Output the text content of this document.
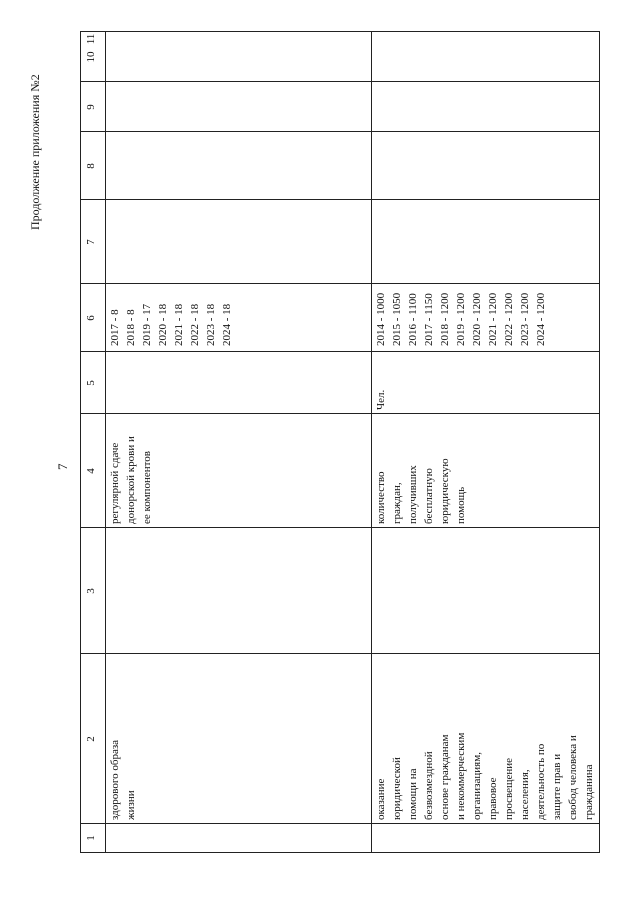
7
Продолжение приложения №2
1
2
3
4
5
6
7
8
9
10
11
здорового образа жизни
регулярной сдаче донорской крови и ее компонентов
2017 - 8 2018 - 8 2019 - 17 2020 - 18 2021 - 18 2022 - 18 2023 - 18 2024 - 18
оказание юридической помощи на безвозмездной основе гражданам и некоммерческим организациям, правовое просвещение населения, деятельность по защите прав и свобод человека и гражданина
количество граждан, получивших бесплатную юридическую помощь
Чел.
2014 - 1000 2015 - 1050 2016 - 1100 2017 - 1150 2018 - 1200 2019 - 1200 2020 - 1200 2021 - 1200 2022 - 1200 2023 - 1200 2024 - 1200
